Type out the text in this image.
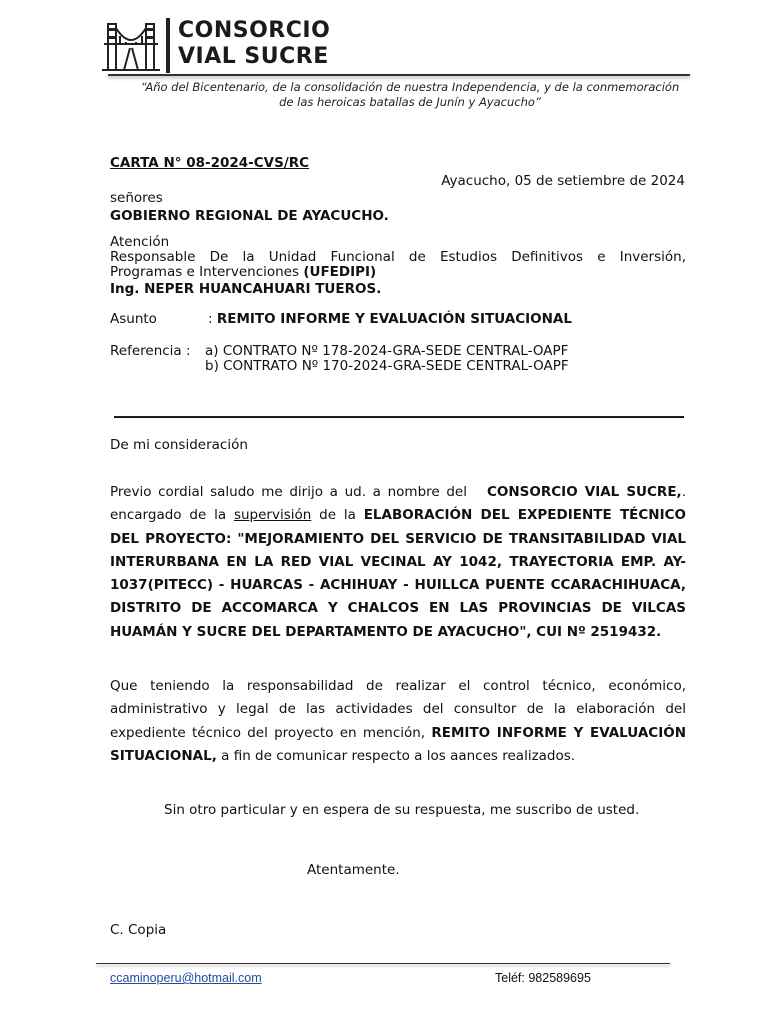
CONSORCIO
VIAL SUCRE
“Año del Bicentenario, de la consolidación de nuestra Independencia, y de la conmemoración
de las heroicas batallas de Junín y Ayacucho”
CARTA N° 08-2024-CVS/RC
Ayacucho, 05 de setiembre de 2024
señores
GOBIERNO REGIONAL DE AYACUCHO.
Atención
Responsable De la Unidad Funcional de Estudios Definitivos e Inversión,
Programas e Intervenciones (UFEDIPI)
Ing. NEPER HUANCAHUARI TUEROS.
Asunto	: REMITO INFORME Y EVALUACIÓN SITUACIONAL
Referencia : a) CONTRATO Nº 178-2024-GRA-SEDE CENTRAL-OAPF
b) CONTRATO Nº 170-2024-GRA-SEDE CENTRAL-OAPF
De mi consideración
Previo cordial saludo me dirijo a ud. a nombre del   CONSORCIO VIAL SUCRE,. encargado de la supervisión de la ELABORACIÓN DEL EXPEDIENTE TÉCNICO DEL PROYECTO: "MEJORAMIENTO DEL SERVICIO DE TRANSITABILIDAD VIAL INTERURBANA EN LA RED VIAL VECINAL AY 1042, TRAYECTORIA EMP. AY-1037(PITECC) - HUARCAS - ACHIHUAY - HUILLCA PUENTE CCARACHIHUACA, DISTRITO DE ACCOMARCA Y CHALCOS EN LAS PROVINCIAS DE VILCAS HUAMÁN Y SUCRE DEL DEPARTAMENTO DE AYACUCHO", CUI Nº 2519432.
Que teniendo la responsabilidad de realizar el control técnico, económico, administrativo y legal de las actividades del consultor de la elaboración del expediente técnico del proyecto en mención, REMITO INFORME Y EVALUACIÓN SITUACIONAL, a fin de comunicar respecto a los aances realizados.
Sin otro particular y en espera de su respuesta, me suscribo de usted.
Atentamente.
C. Copia
ccaminoperu@hotmail.com	Teléf: 982589695
